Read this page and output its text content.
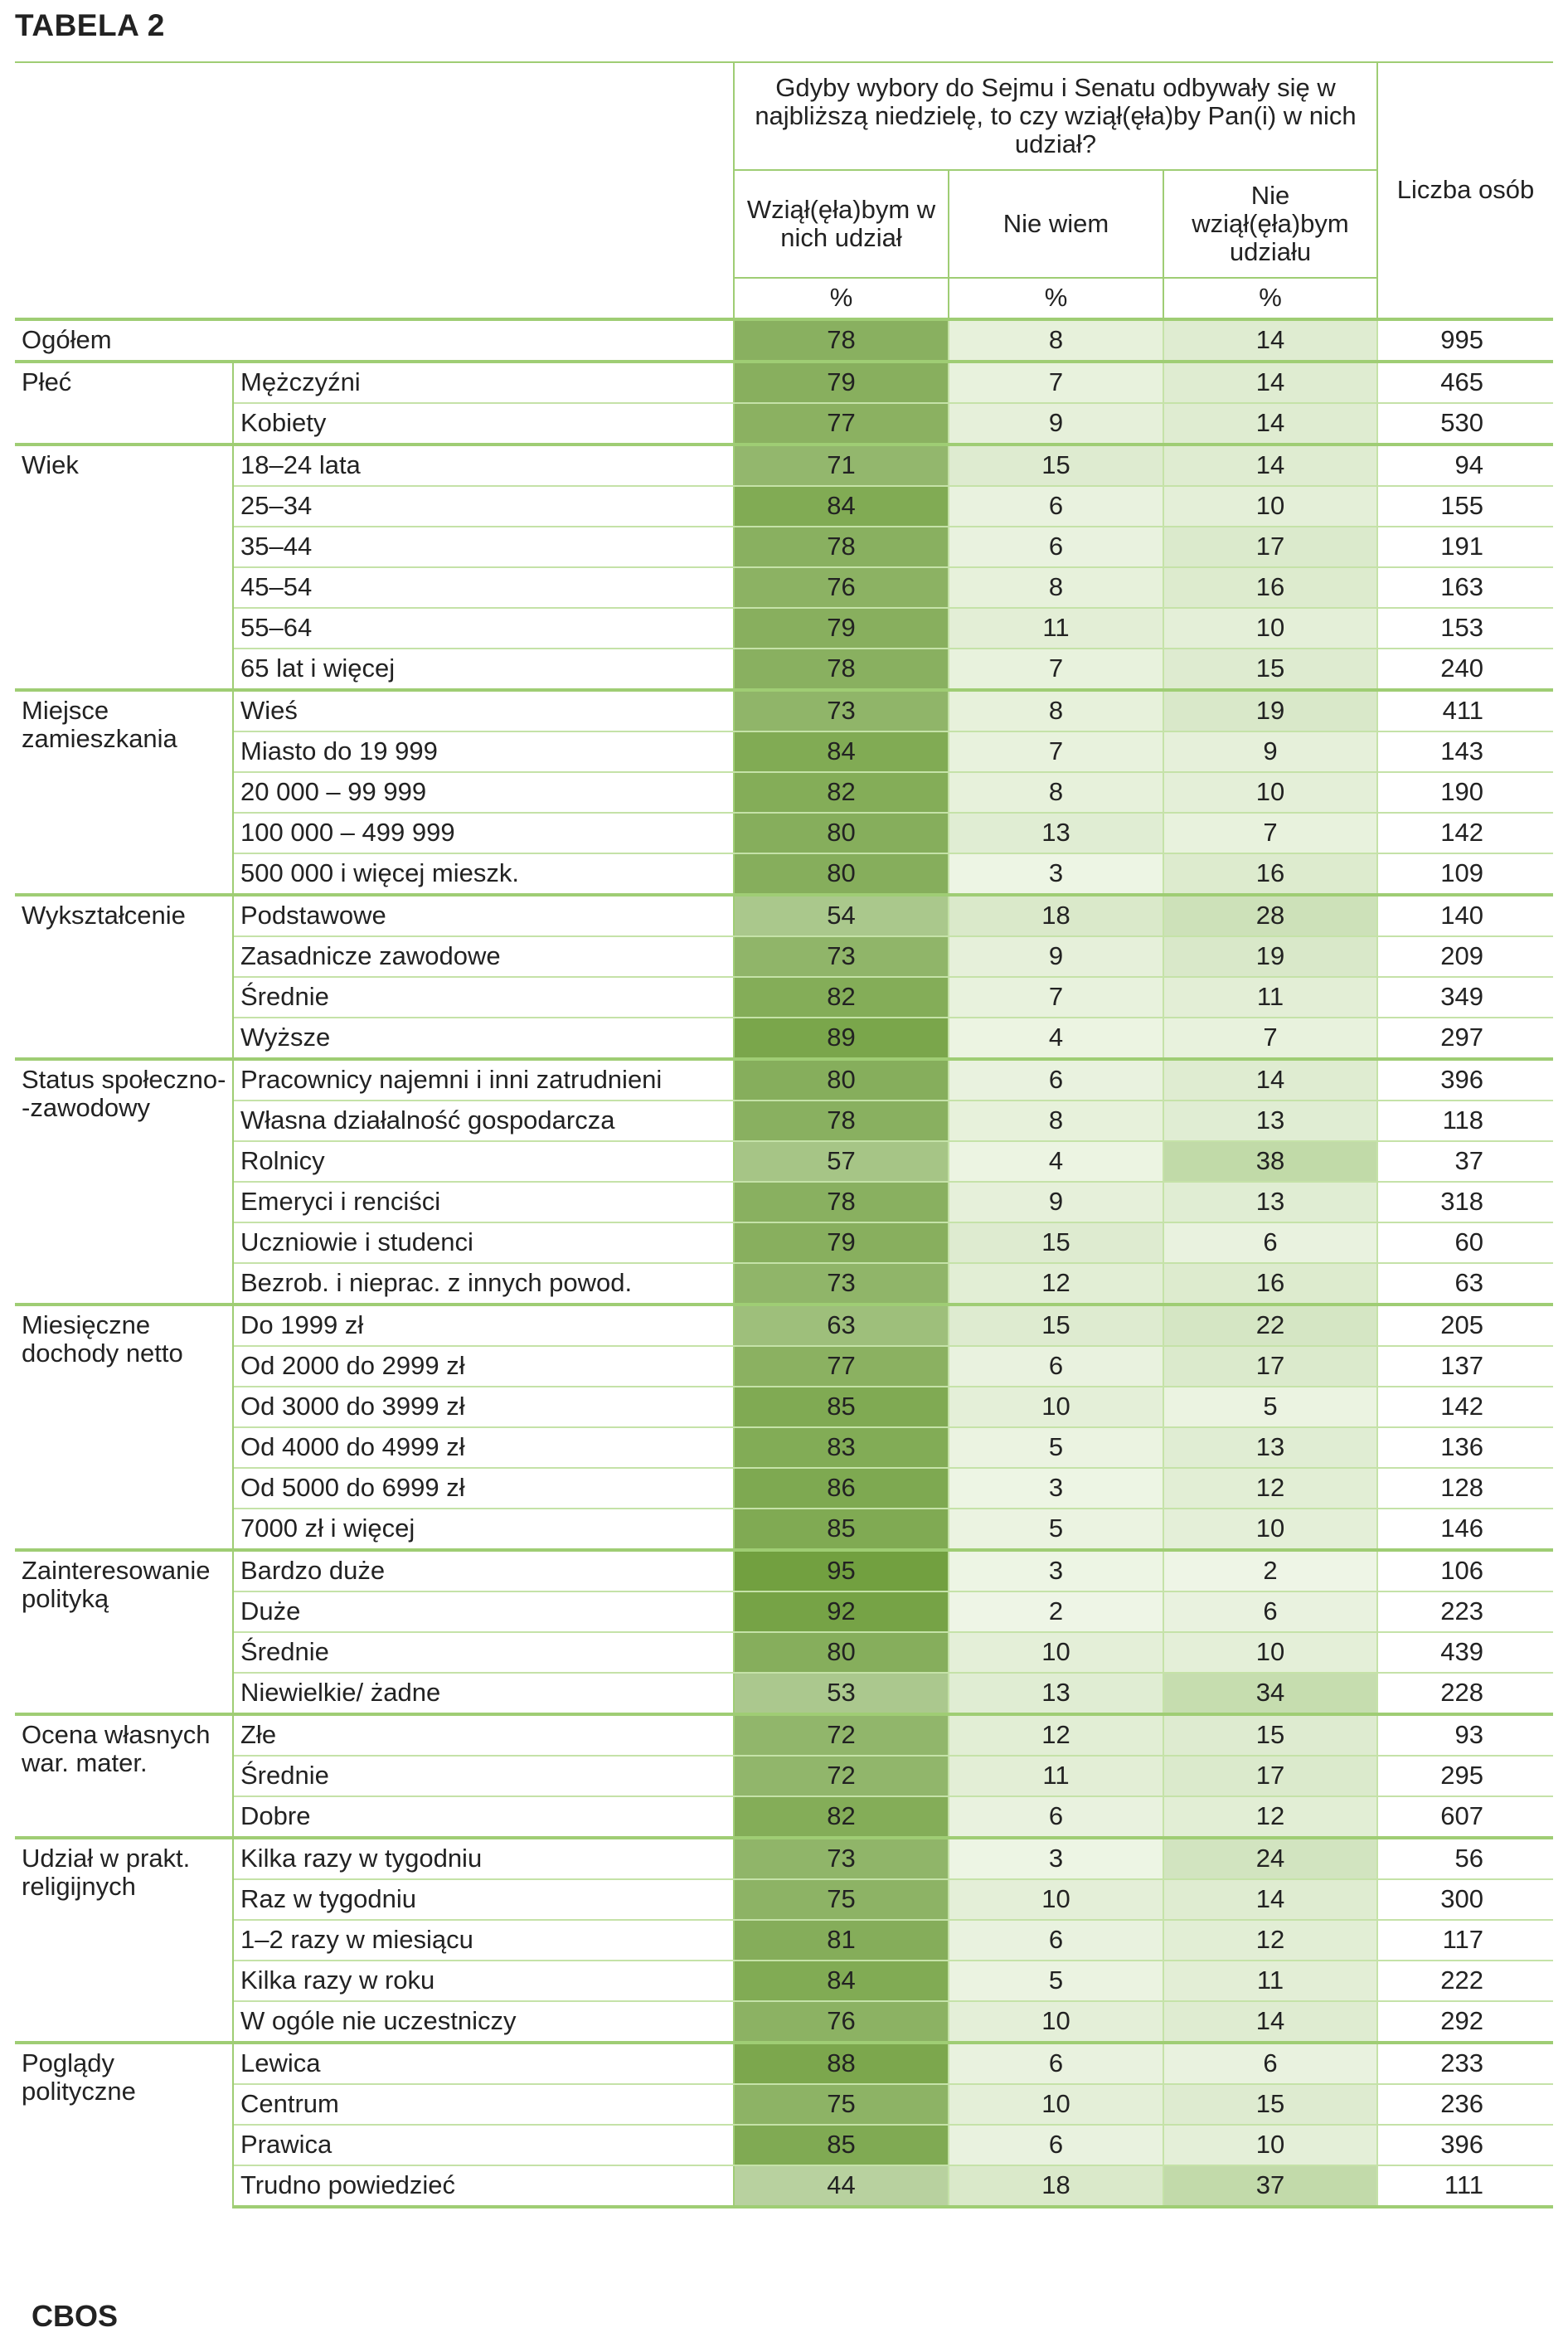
TABELA 2
		Gdyby wybory do Sejmu i Senatu odbywały się w najbliższą niedzielę, to czy wziął(ęła)by Pan(i) w nich udział?			Liczba osób
		Wziął(ęła)bym w nich udział	Nie wiem	Nie wziął(ęła)bym udziału	
		%	%	%	
Ogółem		78	8	14	995
Płeć	Mężczyźni	79	7	14	465
	Kobiety	77	9	14	530
Wiek	18–24 lata	71	15	14	94
	25–34	84	6	10	155
	35–44	78	6	17	191
	45–54	76	8	16	163
	55–64	79	11	10	153
	65 lat i więcej	78	7	15	240
Miejsce zamieszkania	Wieś	73	8	19	411
	Miasto do 19 999	84	7	9	143
	20 000 – 99 999	82	8	10	190
	100 000 – 499 999	80	13	7	142
	500 000 i więcej mieszk.	80	3	16	109
Wykształcenie	Podstawowe	54	18	28	140
	Zasadnicze zawodowe	73	9	19	209
	Średnie	82	7	11	349
	Wyższe	89	4	7	297
Status społeczno--zawodowy	Pracownicy najemni i inni zatrudnieni	80	6	14	396
	Własna działalność gospodarcza	78	8	13	118
	Rolnicy	57	4	38	37
	Emeryci i renciści	78	9	13	318
	Uczniowie i studenci	79	15	6	60
	Bezrob. i nieprac. z innych powod.	73	12	16	63
Miesięczne dochody netto	Do 1999 zł	63	15	22	205
	Od 2000 do 2999 zł	77	6	17	137
	Od 3000 do 3999 zł	85	10	5	142
	Od 4000 do 4999 zł	83	5	13	136
	Od 5000 do 6999 zł	86	3	12	128
	7000 zł i więcej	85	5	10	146
Zainteresowanie polityką	Bardzo duże	95	3	2	106
	Duże	92	2	6	223
	Średnie	80	10	10	439
	Niewielkie/ żadne	53	13	34	228
Ocena własnych war. mater.	Złe	72	12	15	93
	Średnie	72	11	17	295
	Dobre	82	6	12	607
Udział w prakt. religijnych	Kilka razy w tygodniu	73	3	24	56
	Raz w tygodniu	75	10	14	300
	1–2 razy w miesiącu	81	6	12	117
	Kilka razy w roku	84	5	11	222
	W ogóle nie uczestniczy	76	10	14	292
Poglądy polityczne	Lewica	88	6	6	233
	Centrum	75	10	15	236
	Prawica	85	6	10	396
	Trudno powiedzieć	44	18	37	111
CBOS
